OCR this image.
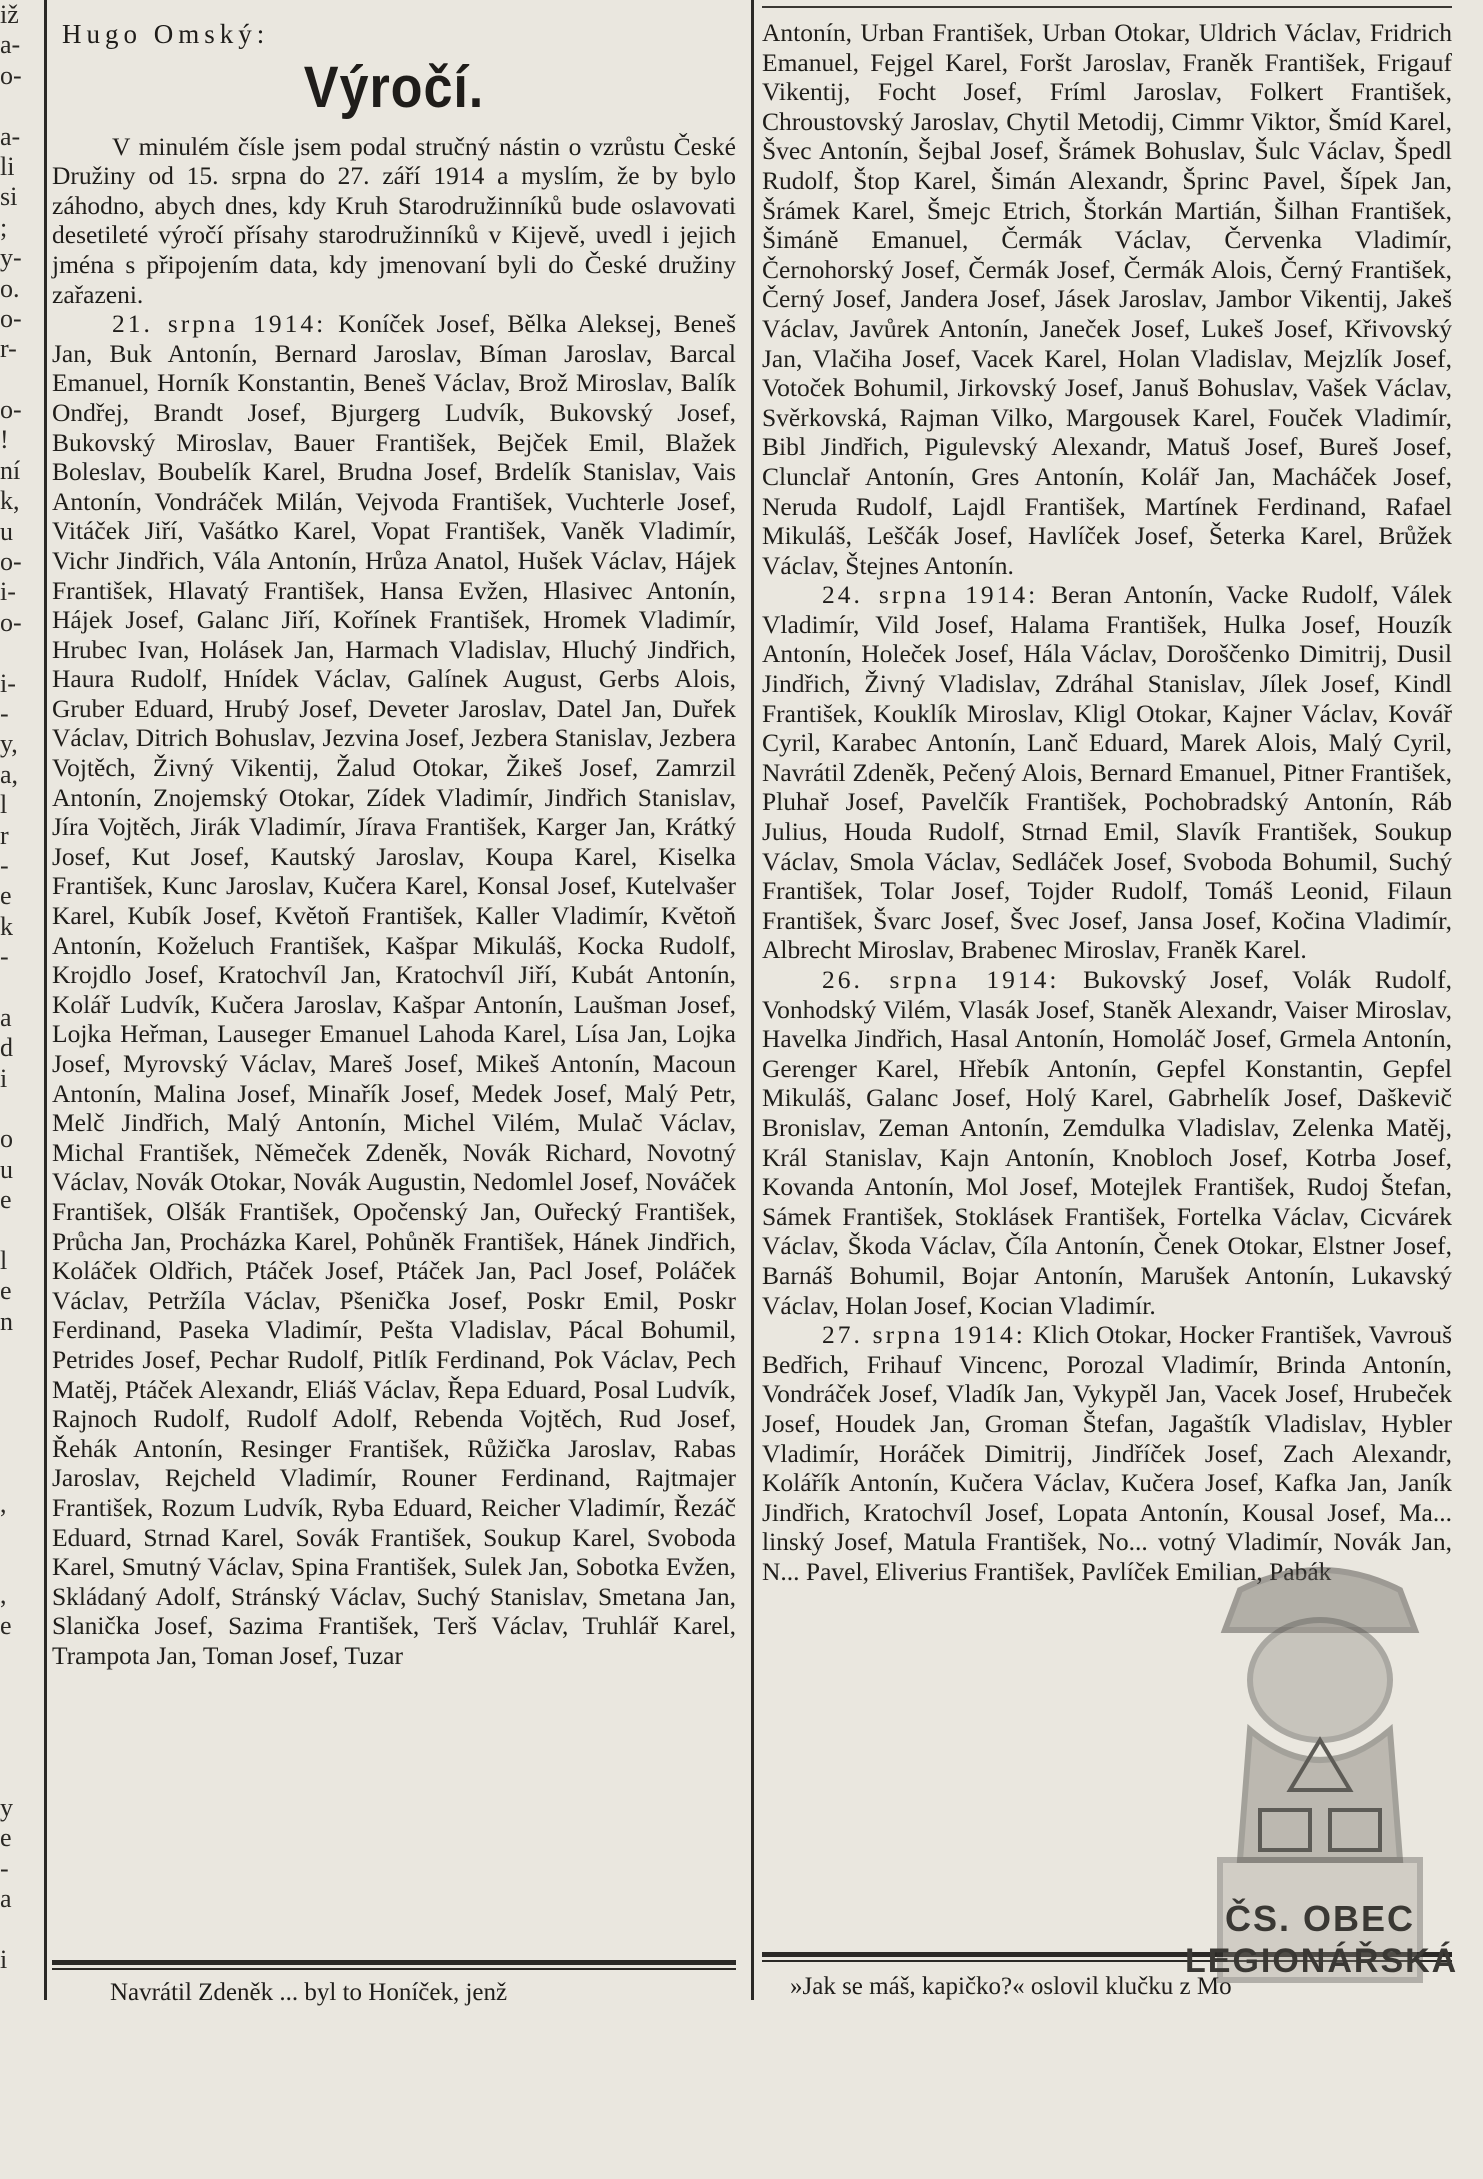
iž
a-
o-
a-
li
si
;
y-
o.
o-
r-
o-
!
ní
k,
u
o-
i-
o-
i-
-
y,
a,
l
r
-
e
k
-
a
d
i
o
u
e
l
e
n
,
,
e
y
e
-
a
i
Hugo Omský:
Výročí.

V minulém čísle jsem podal stručný nástin o vzrůstu České Družiny od 15. srpna do 27. září 1914 a myslím, že by bylo záhodno, abych dnes, kdy Kruh Starodružinníků bude oslavovati desetileté výročí přísahy starodružinníků v Kijevě, uvedl i jejich jména s připojením data, kdy jmenovaní byli do České družiny zařazeni.

21. srpna 1914: Koníček Josef, Bělka Aleksej, Beneš Jan, Buk Antonín, Bernard Jaroslav, Bíman Jaroslav, Barcal Emanuel, Horník Konstantin, Beneš Václav, Brož Miroslav, Balík Ondřej, Brandt Josef, Bjurgerg Ludvík, Bukovský Josef, Bukovský Miroslav, Bauer František, Bejček Emil, Blažek Boleslav, Boubelík Karel, Brudna Josef, Brdelík Stanislav, Vais Antonín, Vondráček Milán, Vejvoda František, Vuchterle Josef, Vitáček Jiří, Vašátko Karel, Vopat František, Vaněk Vladimír, Vichr Jindřich, Vála Antonín, Hrůza Anatol, Hušek Václav, Hájek František, Hlavatý František, Hansa Evžen, Hlasivec Antonín, Hájek Josef, Galanc Jiří, Kořínek František, Hromek Vladimír, Hrubec Ivan, Holásek Jan, Harmach Vladislav, Hluchý Jindřich, Haura Rudolf, Hnídek Václav, Galínek August, Gerbs Alois, Gruber Eduard, Hrubý Josef, Deveter Jaroslav, Datel Jan, Duřek Václav, Ditrich Bohuslav, Jezvina Josef, Jezbera Stanislav, Jezbera Vojtěch, Živný Vikentij, Žalud Otokar, Žikeš Josef, Zamrzil Antonín, Znojemský Otokar, Zídek Vladimír, Jindřich Stanislav, Jíra Vojtěch, Jirák Vladimír, Jírava František, Karger Jan, Krátký Josef, Kut Josef, Kautský Jaroslav, Koupa Karel, Kiselka František, Kunc Jaroslav, Kučera Karel, Konsal Josef, Kutelvašer Karel, Kubík Josef, Květoň František, Kaller Vladimír, Květoň Antonín, Koželuch František, Kašpar Mikuláš, Kocka Rudolf, Krojdlo Josef, Kratochvíl Jan, Kratochvíl Jiří, Kubát Antonín, Kolář Ludvík, Kučera Jaroslav, Kašpar Antonín, Laušman Josef, Lojka Heřman, Lauseger Emanuel Lahoda Karel, Lísa Jan, Lojka Josef, Myrovský Václav, Mareš Josef, Mikeš Antonín, Macoun Antonín, Malina Josef, Minařík Josef, Medek Josef, Malý Petr, Melč Jindřich, Malý Antonín, Michel Vilém, Mulač Václav, Michal František, Němeček Zdeněk, Novák Richard, Novotný Václav, Novák Otokar, Novák Augustin, Nedomlel Josef, Nováček František, Olšák František, Opočenský Jan, Ouřecký František, Průcha Jan, Procházka Karel, Pohůněk František, Hánek Jindřich, Koláček Oldřich, Ptáček Josef, Ptáček Jan, Pacl Josef, Poláček Václav, Petržíla Václav, Pšenička Josef, Poskr Emil, Poskr Ferdinand, Paseka Vladimír, Pešta Vladislav, Pácal Bohumil, Petrides Josef, Pechar Rudolf, Pitlík Ferdinand, Pok Václav, Pech Matěj, Ptáček Alexandr, Eliáš Václav, Řepa Eduard, Posal Ludvík, Rajnoch Rudolf, Rudolf Adolf, Rebenda Vojtěch, Rud Josef, Řehák Antonín, Resinger František, Růžička Jaroslav, Rabas Jaroslav, Rejcheld Vladimír, Rouner Ferdinand, Rajtmajer František, Rozum Ludvík, Ryba Eduard, Reicher Vladimír, Řezáč Eduard, Strnad Karel, Sovák František, Soukup Karel, Svoboda Karel, Smutný Václav, Spina František, Sulek Jan, Sobotka Evžen, Skládaný Adolf, Stránský Václav, Suchý Stanislav, Smetana Jan, Slanička Josef, Sazima František, Terš Václav, Truhlář Karel, Trampota Jan, Toman Josef, Tuzar

Antonín, Urban František, Urban Otokar, Uldrich Václav, Fridrich Emanuel, Fejgel Karel, Foršt Jaroslav, Franěk František, Frigauf Vikentij, Focht Josef, Fríml Jaroslav, Folkert František, Chroustovský Jaroslav, Chytil Metodij, Cimmr Viktor, Šmíd Karel, Švec Antonín, Šejbal Josef, Šrámek Bohuslav, Šulc Václav, Špedl Rudolf, Štop Karel, Šimán Alexandr, Šprinc Pavel, Šípek Jan, Šrámek Karel, Šmejc Etrich, Štorkán Martián, Šilhan František, Šimáně Emanuel, Čermák Václav, Červenka Vladimír, Černohorský Josef, Čermák Josef, Čermák Alois, Černý František, Černý Josef, Jandera Josef, Jásek Jaroslav, Jambor Vikentij, Jakeš Václav, Javůrek Antonín, Janeček Josef, Lukeš Josef, Křivovský Jan, Vlačiha Josef, Vacek Karel, Holan Vladislav, Mejzlík Josef, Votoček Bohumil, Jirkovský Josef, Januš Bohuslav, Vašek Václav, Svěrkovská, Rajman Vilko, Margousek Karel, Fouček Vladimír, Bibl Jindřich, Pigulevský Alexandr, Matuš Josef, Bureš Josef, Clunclař Antonín, Gres Antonín, Kolář Jan, Macháček Josef, Neruda Rudolf, Lajdl František, Martínek Ferdinand, Rafael Mikuláš, Leščák Josef, Havlíček Josef, Šeterka Karel, Brůžek Václav, Štejnes Antonín.

24. srpna 1914: Beran Antonín, Vacke Rudolf, Válek Vladimír, Vild Josef, Halama František, Hulka Josef, Houzík Antonín, Holeček Josef, Hála Václav, Doroščenko Dimitrij, Dusil Jindřich, Živný Vladislav, Zdráhal Stanislav, Jílek Josef, Kindl František, Kouklík Miroslav, Kligl Otokar, Kajner Václav, Kovář Cyril, Karabec Antonín, Lanč Eduard, Marek Alois, Malý Cyril, Navrátil Zdeněk, Pečený Alois, Bernard Emanuel, Pitner František, Pluhař Josef, Pavelčík František, Pochobradský Antonín, Ráb Julius, Houda Rudolf, Strnad Emil, Slavík František, Soukup Václav, Smola Václav, Sedláček Josef, Svoboda Bohumil, Suchý František, Tolar Josef, Tojder Rudolf, Tomáš Leonid, Filaun František, Švarc Josef, Švec Josef, Jansa Josef, Kočina Vladimír, Albrecht Miroslav, Brabenec Miroslav, Franěk Karel.

26. srpna 1914: Bukovský Josef, Volák Rudolf, Vonhodský Vilém, Vlasák Josef, Staněk Alexandr, Vaiser Miroslav, Havelka Jindřich, Hasal Antonín, Homoláč Josef, Grmela Antonín, Gerenger Karel, Hřebík Antonín, Gepfel Konstantin, Gepfel Mikuláš, Galanc Josef, Holý Karel, Gabrhelík Josef, Daškevič Bronislav, Zeman Antonín, Zemdulka Vladislav, Zelenka Matěj, Král Stanislav, Kajn Antonín, Knobloch Josef, Kotrba Josef, Kovanda Antonín, Mol Josef, Motejlek František, Rudoj Štefan, Sámek František, Stoklásek František, Fortelka Václav, Cicvárek Václav, Škoda Václav, Číla Antonín, Čenek Otokar, Elstner Josef, Barnáš Bohumil, Bojar Antonín, Marušek Antonín, Lukavský Václav, Holan Josef, Kocian Vladimír.

27. srpna 1914: Klich Otokar, Hocker František, Vavrouš Bedřich, Frihauf Vincenc, Porozal Vladimír, Brinda Antonín, Vondráček Josef, Vladík Jan, Vykypěl Jan, Vacek Josef, Hrubeček Josef, Houdek Jan, Groman Štefan, Jagaštík Vladislav, Hybler Vladimír, Horáček Dimitrij, Jindříček Josef, Zach Alexandr, Kolářík Antonín, Kučera Václav, Kučera Josef, Kafka Jan, Janík Jindřich, Kratochvíl Josef, Lopata Antonín, Kousal Josef, Ma... linský Josef, Matula František, No... votný Vladimír, Novák Jan, N... Pavel, Eliverius František, Pavlíček Emilian, Pabák

Navrátil Zdeněk ... byl to Honíček, jenž	»Jak se máš, kapičko?« oslovil klučku z Mo
ČS. OBEC
LEGIONÁŘSKÁ
